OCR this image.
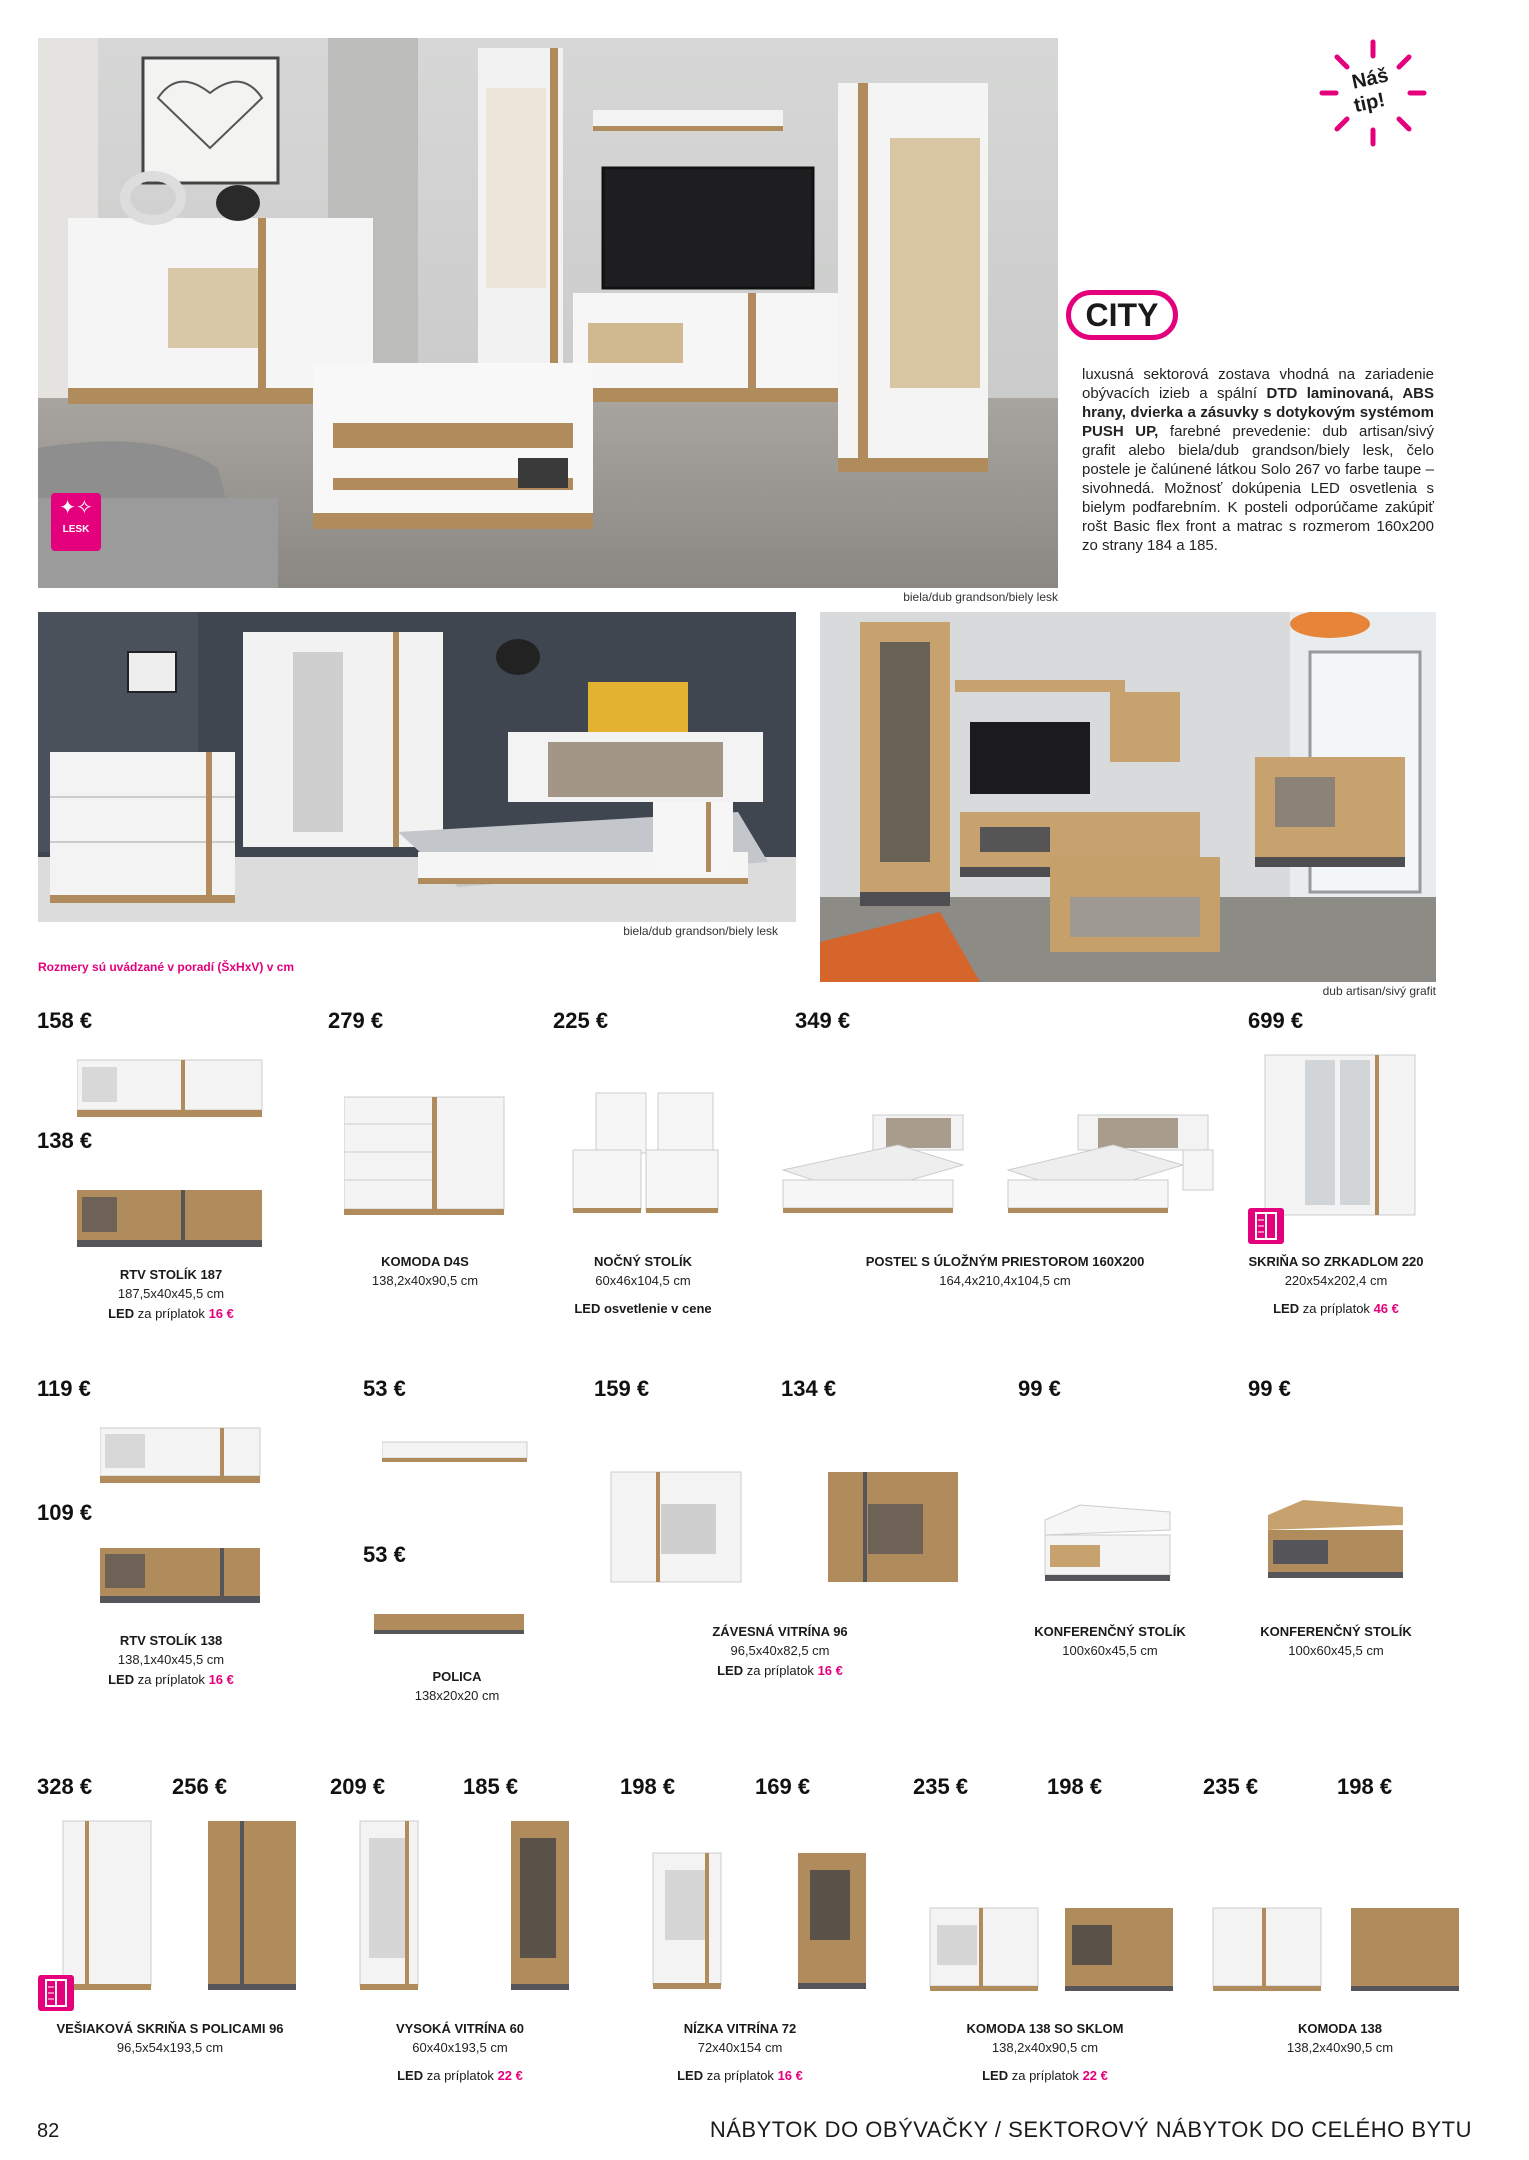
✦✧
LESK
biela/dub grandson/biely lesk
Náš
tip!
CITY
luxusná sektorová zostava vhodná na zariadenie obývacích izieb a spální DTD laminovaná, ABS hrany, dvierka a zásuvky s dotykovým systémom PUSH UP, farebné prevedenie: dub artisan/sivý grafit alebo biela/dub grandson/biely lesk, čelo postele je čalúnené látkou Solo 267 vo farbe taupe – sivohnedá. Možnosť dokúpenia LED osvetlenia s bielym podfarebním. K posteli odporúčame zakúpiť rošt Basic flex front a matrac s rozmerom 160x200 zo strany 184 a 185.
biela/dub grandson/biely lesk
Rozmery sú uvádzané v poradí (ŠxHxV) v cm
dub artisan/sivý grafit
158 €
138 €
RTV STOLÍK 187
187,5x40x45,5 cm
LED za príplatok 16 €
279 €
KOMODA D4S
138,2x40x90,5 cm
225 €
NOČNÝ STOLÍK
60x46x104,5 cm
LED osvetlenie v cene
349 €
POSTEĽ S ÚLOŽNÝM PRIESTOROM 160X200
164,4x210,4x104,5 cm
699 €
SKRIŇA SO ZRKADLOM 220
220x54x202,4 cm
LED za príplatok 46 €
119 €
109 €
RTV STOLÍK 138
138,1x40x45,5 cm
LED za príplatok 16 €
53 €
53 €
POLICA
138x20x20 cm
159 €	134 €
ZÁVESNÁ VITRÍNA 96
96,5x40x82,5 cm
LED za príplatok 16 €
99 €
KONFERENČNÝ STOLÍK
100x60x45,5 cm
99 €
KONFERENČNÝ STOLÍK
100x60x45,5 cm
328 €	256 €
VEŠIAKOVÁ SKRIŇA S POLICAMI 96
96,5x54x193,5 cm
209 €	185 €
VYSOKÁ VITRÍNA 60
60x40x193,5 cm
LED za príplatok 22 €
198 €	169 €
NÍZKA VITRÍNA 72
72x40x154 cm
LED za príplatok 16 €
235 €	198 €
KOMODA 138 SO SKLOM
138,2x40x90,5 cm
LED za príplatok 22 €
235 €	198 €
KOMODA 138
138,2x40x90,5 cm
82	NÁBYTOK DO OBÝVAČKY / SEKTOROVÝ NÁBYTOK DO CELÉHO BYTU
